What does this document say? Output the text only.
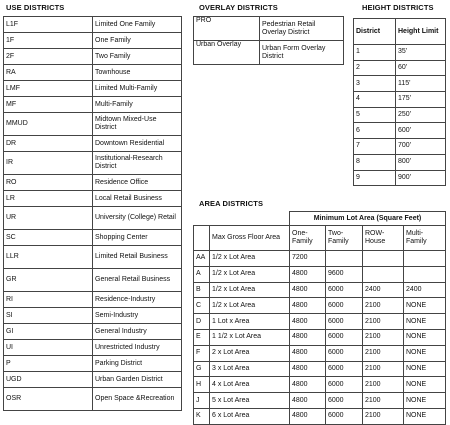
USE DISTRICTS
L1F	Limited One Family
1F	One Family
2F	Two Family
RA	Townhouse
LMF	Limited Multi-Family
MF	Multi-Family
MMUD	Midtown Mixed-Use District
DR	Downtown Residential
IR	Institutional-Research District
RO	Residence Office
LR	Local Retail Business
UR	University (College) Retail
SC	Shopping Center
LLR	Limited Retail Business
GR	General Retail Business
RI	Residence-Industry
SI	Semi-Industry
GI	General Industry
UI	Unrestricted Industry
P	Parking District
UGD	Urban Garden District
OSR	Open Space &Recreation
OVERLAY DISTRICTS
PRO	Pedestrian Retail Overlay District
Urban Overlay	Urban Form Overlay District
HEIGHT DISTRICTS
District	Height Limit
1	35'
2	60'
3	115'
4	175'
5	250'
6	600'
7	700'
8	800'
9	900'
AREA DISTRICTS
		Minimum Lot Area (Square Feet)			
	Max Gross Floor Area	One-Family	Two-Family	ROW-House	Multi-Family
AA	1/2 x Lot Area	7200			
A	1/2 x Lot Area	4800	9600		
B	1/2 x Lot Area	4800	6000	2400	2400
C	1/2 x Lot Area	4800	6000	2100	NONE
D	1 Lot x Area	4800	6000	2100	NONE
E	1 1/2 x Lot Area	4800	6000	2100	NONE
F	2 x Lot Area	4800	6000	2100	NONE
G	3 x Lot Area	4800	6000	2100	NONE
H	4 x Lot Area	4800	6000	2100	NONE
J	5 x Lot Area	4800	6000	2100	NONE
K	6 x Lot Area	4800	6000	2100	NONE
